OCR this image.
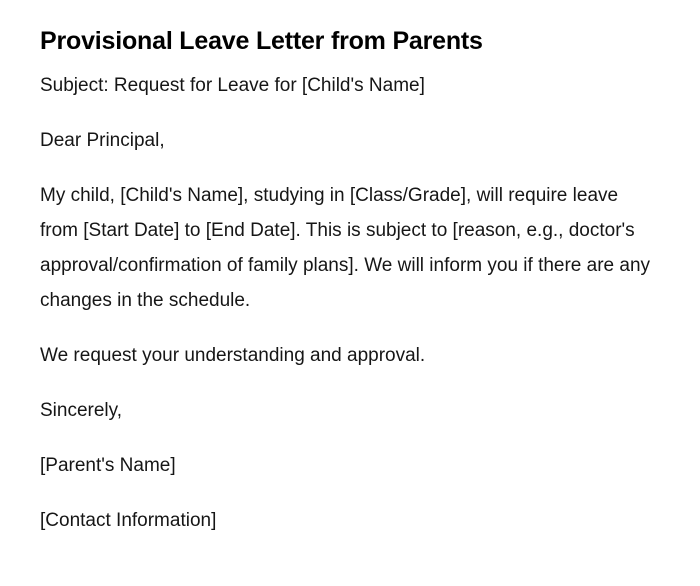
Provisional Leave Letter from Parents

Subject: Request for Leave for [Child's Name]

Dear Principal,

My child, [Child's Name], studying in [Class/Grade], will require leave from [Start Date] to [End Date]. This is subject to [reason, e.g., doctor's approval/confirmation of family plans]. We will inform you if there are any changes in the schedule.

We request your understanding and approval.

Sincerely,

[Parent's Name]

[Contact Information]
